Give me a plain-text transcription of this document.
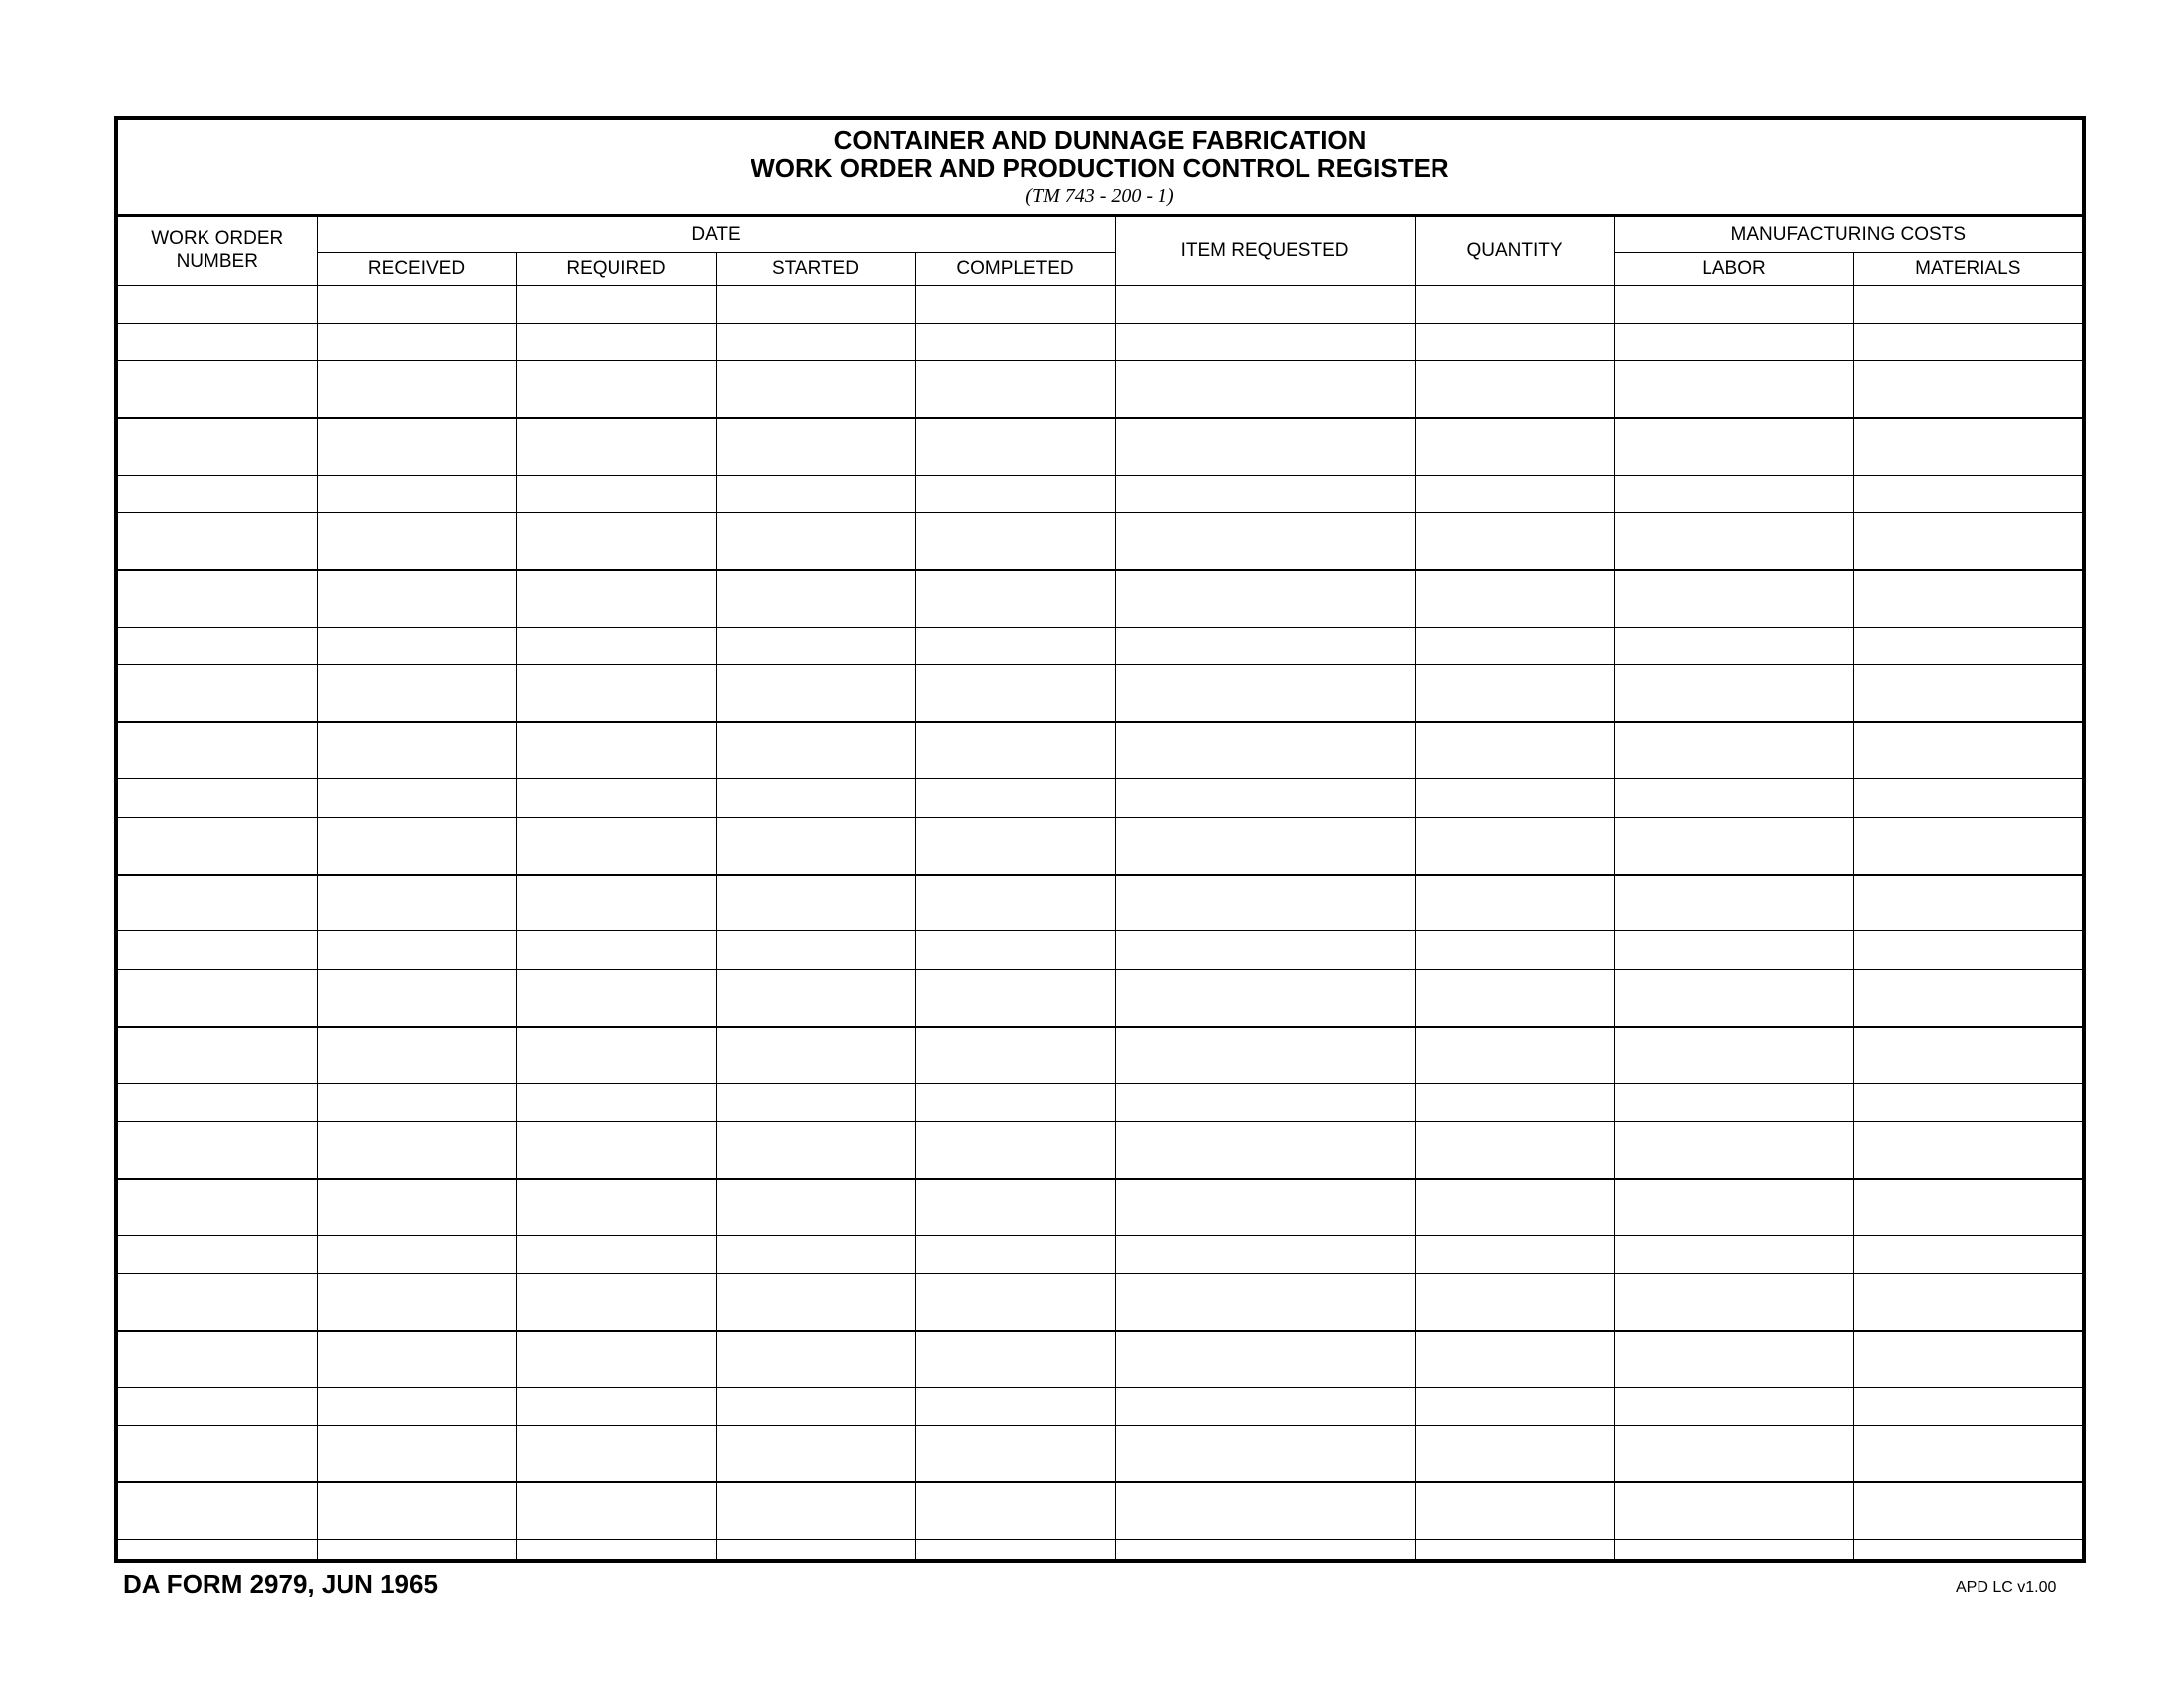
CONTAINER AND DUNNAGE FABRICATION
WORK ORDER AND PRODUCTION CONTROL REGISTER
(TM 743 - 200 - 1)
WORK ORDER NUMBER	DATE				ITEM REQUESTED	QUANTITY	MANUFACTURING COSTS	
	RECEIVED	REQUIRED	STARTED	COMPLETED			LABOR	MATERIALS

DA FORM 2979, JUN 1965	APD LC v1.00
